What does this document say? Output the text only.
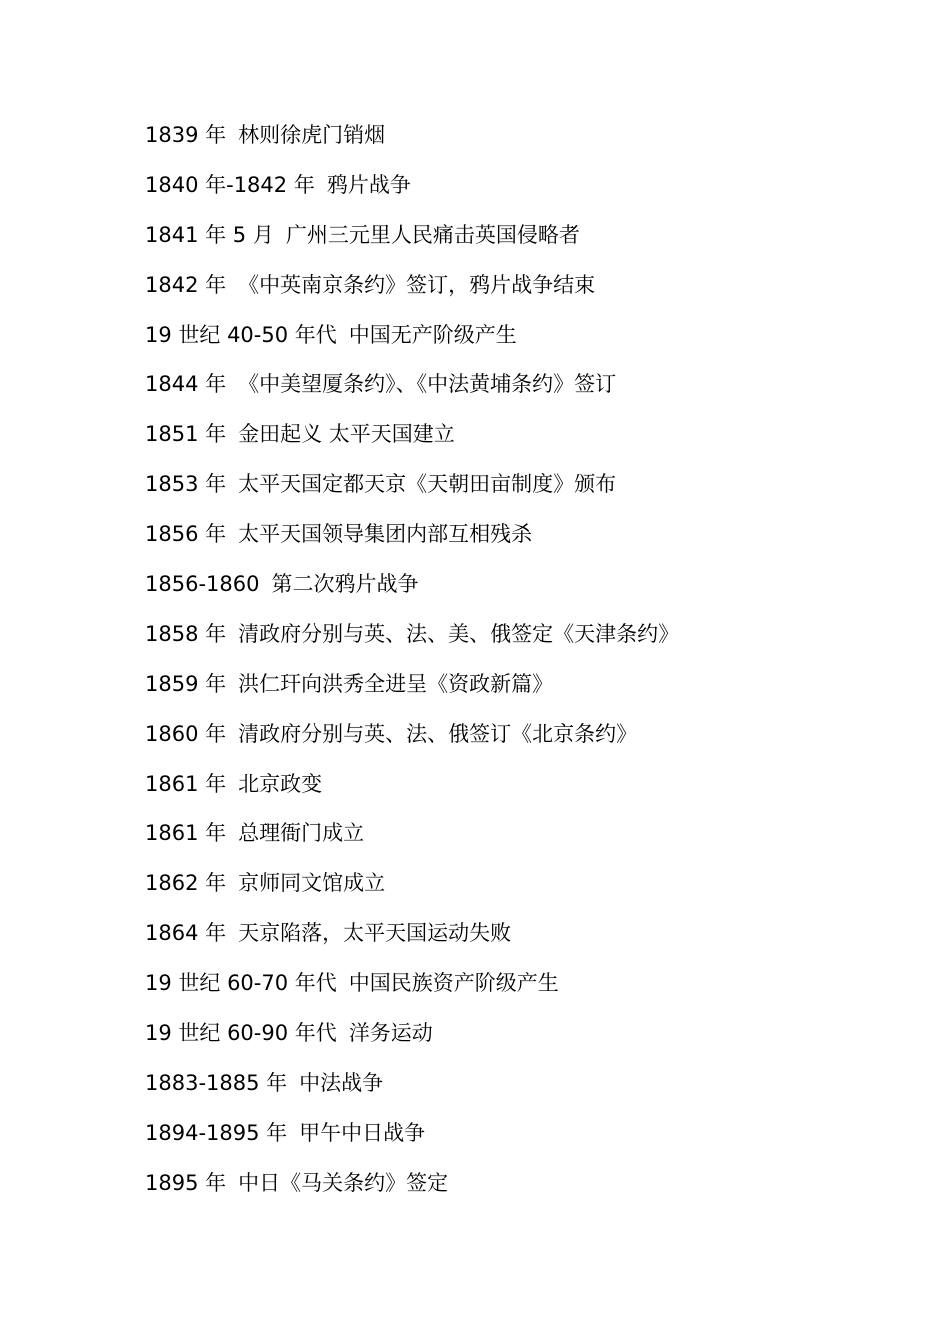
1839 年 林则徐虎门销烟
1840 年-1842 年 鸦片战争
1841 年 5 月 广州三元里人民痛击英国侵略者
1842 年 《中英南京条约》签订，鸦片战争结束
19 世纪 40-50 年代 中国无产阶级产生
1844 年 《中美望厦条约》、《中法黄埔条约》签订
1851 年 金田起义 太平天国建立
1853 年 太平天国定都天京《天朝田亩制度》颁布
1856 年 太平天国领导集团内部互相残杀
1856-1860 第二次鸦片战争
1858 年 清政府分别与英、法、美、俄签定《天津条约》
1859 年 洪仁玕向洪秀全进呈《资政新篇》
1860 年 清政府分别与英、法、俄签订《北京条约》
1861 年 北京政变
1861 年 总理衙门成立
1862 年 京师同文馆成立
1864 年 天京陷落，太平天国运动失败
19 世纪 60-70 年代 中国民族资产阶级产生
19 世纪 60-90 年代 洋务运动
1883-1885 年 中法战争
1894-1895 年 甲午中日战争
1895 年 中日《马关条约》签定
